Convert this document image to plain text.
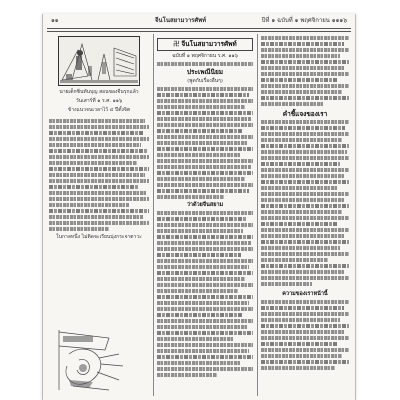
๑๑	จีนโนสยามวารศัพท์	ปีที่ ๑ ฉบับที่ ๑ พฤศจิกายน ๑๑๑๖
นายเต็กซิ่นทันบุญ สอนของจีนรุกแล้ว
วันเสาร์ที่ ๑ ร.ศ. ๑๑๖
ข้างแนวจนเวลาไว้ ๔ ปีตั้งจิต
ในกาลหนึ่ง ไม่ติดจะเรียนนุ่งกระจาตาวะ
卍 จีนโนสยามวารศัพท์
ฉบับที่ ๑ พฤศจิกายน ร.ศ. ๑๑๖
ประเพณีนิยม
(พูดกับเรื่องอื่นๆ)
ว่าด้วยจีนสยาม
คำชี้แจงของเรา
ความของเราหน้านี้
